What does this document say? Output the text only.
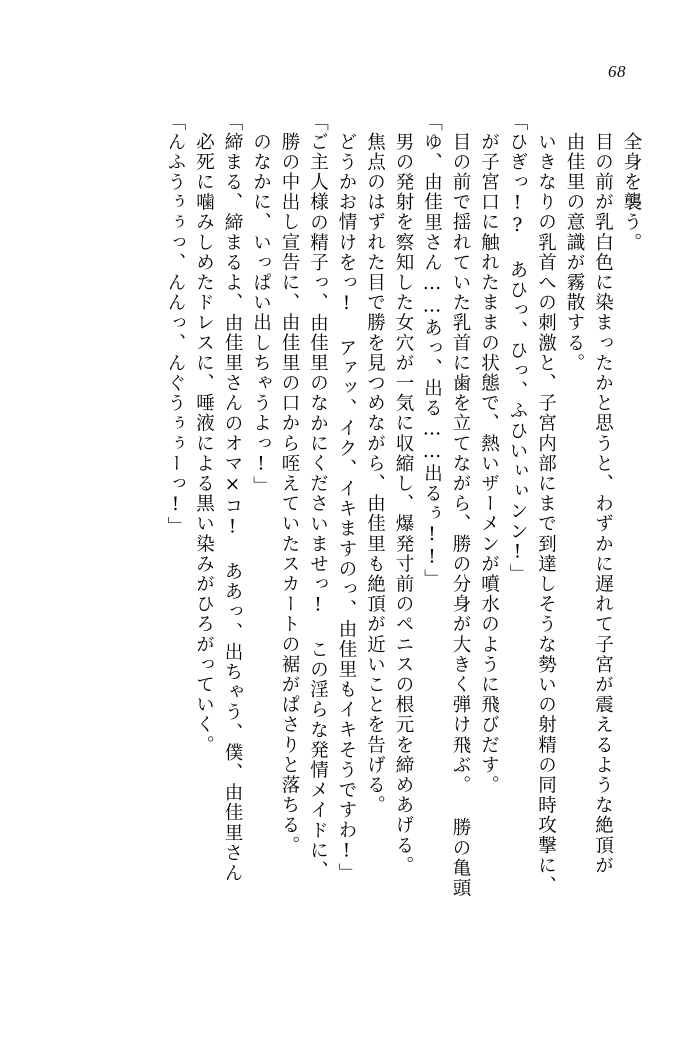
68
「んふうぅぅっ、んんっ、んぐうぅぅーっ!」 必死に噛みしめたドレスに、唾液による黒い染みがひろがっていく。 「締まる、締まるよ、由佳里さんのオマ×コ! ああっ、出ちゃう、僕、由佳里さん のなかに、いっぱい出しちゃうよっ!」 勝の中出し宣告に、由佳里の口から咥えていたスカートの裾がぱさりと落ちる。 「ご主人様の精子っ、由佳里のなかにくださいませっ! この淫らな発情メイドに、 どうかお情けをっ! アァッ、イク、イキますのっ、由佳里もイキそうですわ!」 焦点のはずれた目で勝を見つめながら、由佳里も絶頂が近いことを告げる。 男の発射を察知した女穴が一気に収縮し、爆発寸前のペニスの根元を締めあげる。 「ゆ、由佳里さん……あっ、出る……出るぅ!!」 目の前で揺れていた乳首に歯を立てながら、勝の分身が大きく弾け飛ぶ。 勝の亀頭 が子宮口に触れたままの状態で、熱いザーメンが噴水のように飛びだす。 「ひぎっ!? あひっ、ひっ、ふひいぃぃンン!」 いきなりの乳首への刺激と、子宮内部にまで到達しそうな勢いの射精の同時攻撃に、 由佳里の意識が霧散する。 目の前が乳白色に染まったかと思うと、わずかに遅れて子宮が震えるような絶頂が 全身を襲う。
